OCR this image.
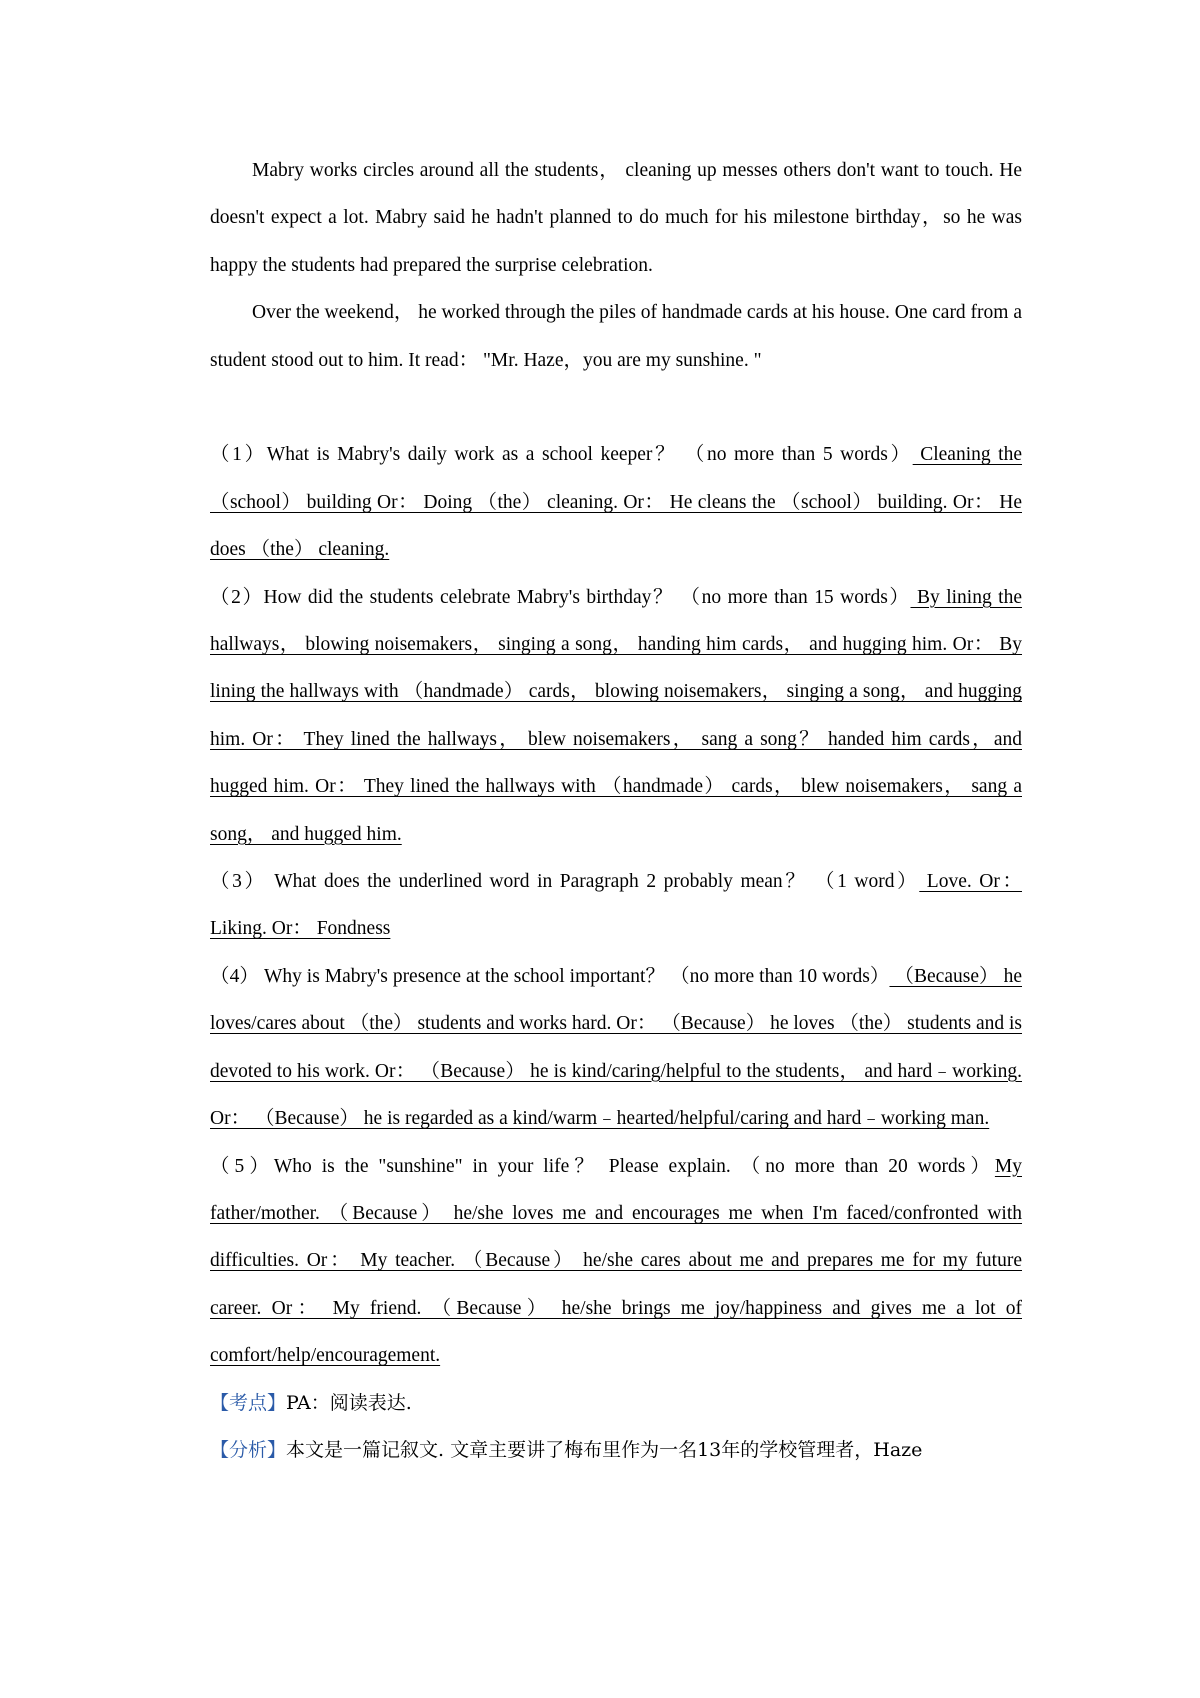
Mabry works circles around all the students， cleaning up messes others don't want to touch. He doesn't expect a lot. Mabry said he hadn't planned to do much for his milestone birthday，so he was happy the students had prepared the surprise celebration.

Over the weekend， he worked through the piles of handmade cards at his house. One card from a student stood out to him. It read： "Mr. Haze，you are my sunshine. "

（1）What is Mabry's daily work as a school keeper？ （no more than 5 words） Cleaning the （school） building Or： Doing （the） cleaning. Or： He cleans the （school） building. Or： He does （the） cleaning.

（2）How did the students celebrate Mabry's birthday？ （no more than 15 words） By lining the hallways， blowing noisemakers， singing a song， handing him cards， and hugging him. Or： By lining the hallways with （handmade） cards， blowing noisemakers， singing a song， and hugging him. Or： They lined the hallways， blew noisemakers， sang a song？ handed him cards，and hugged him. Or： They lined the hallways with （handmade） cards， blew noisemakers， sang a song， and hugged him.

（3） What does the underlined word in Paragraph 2 probably mean？ （1 word） Love. Or： Liking. Or： Fondness

（4） Why is Mabry's presence at the school important？ （no more than 10 words） （Because） he loves/cares about （the） students and works hard. Or： （Because） he loves （the） students and is devoted to his work. Or： （Because） he is kind/caring/helpful to the students， and hard﹣working. Or： （Because） he is regarded as a kind/warm﹣hearted/helpful/caring and hard﹣working man.

（5）Who is the "sunshine" in your life？ Please explain. （no more than 20 words）My father/mother. （Because） he/she loves me and encourages me when I'm faced/confronted with difficulties. Or： My teacher. （Because） he/she cares about me and prepares me for my future career. Or： My friend. （Because） he/she brings me joy/happiness and gives me a lot of comfort/help/encouragement.

【考点】PA：阅读表达.

【分析】本文是一篇记叙文. 文章主要讲了梅布里作为一名13年的学校管理者，Haze
